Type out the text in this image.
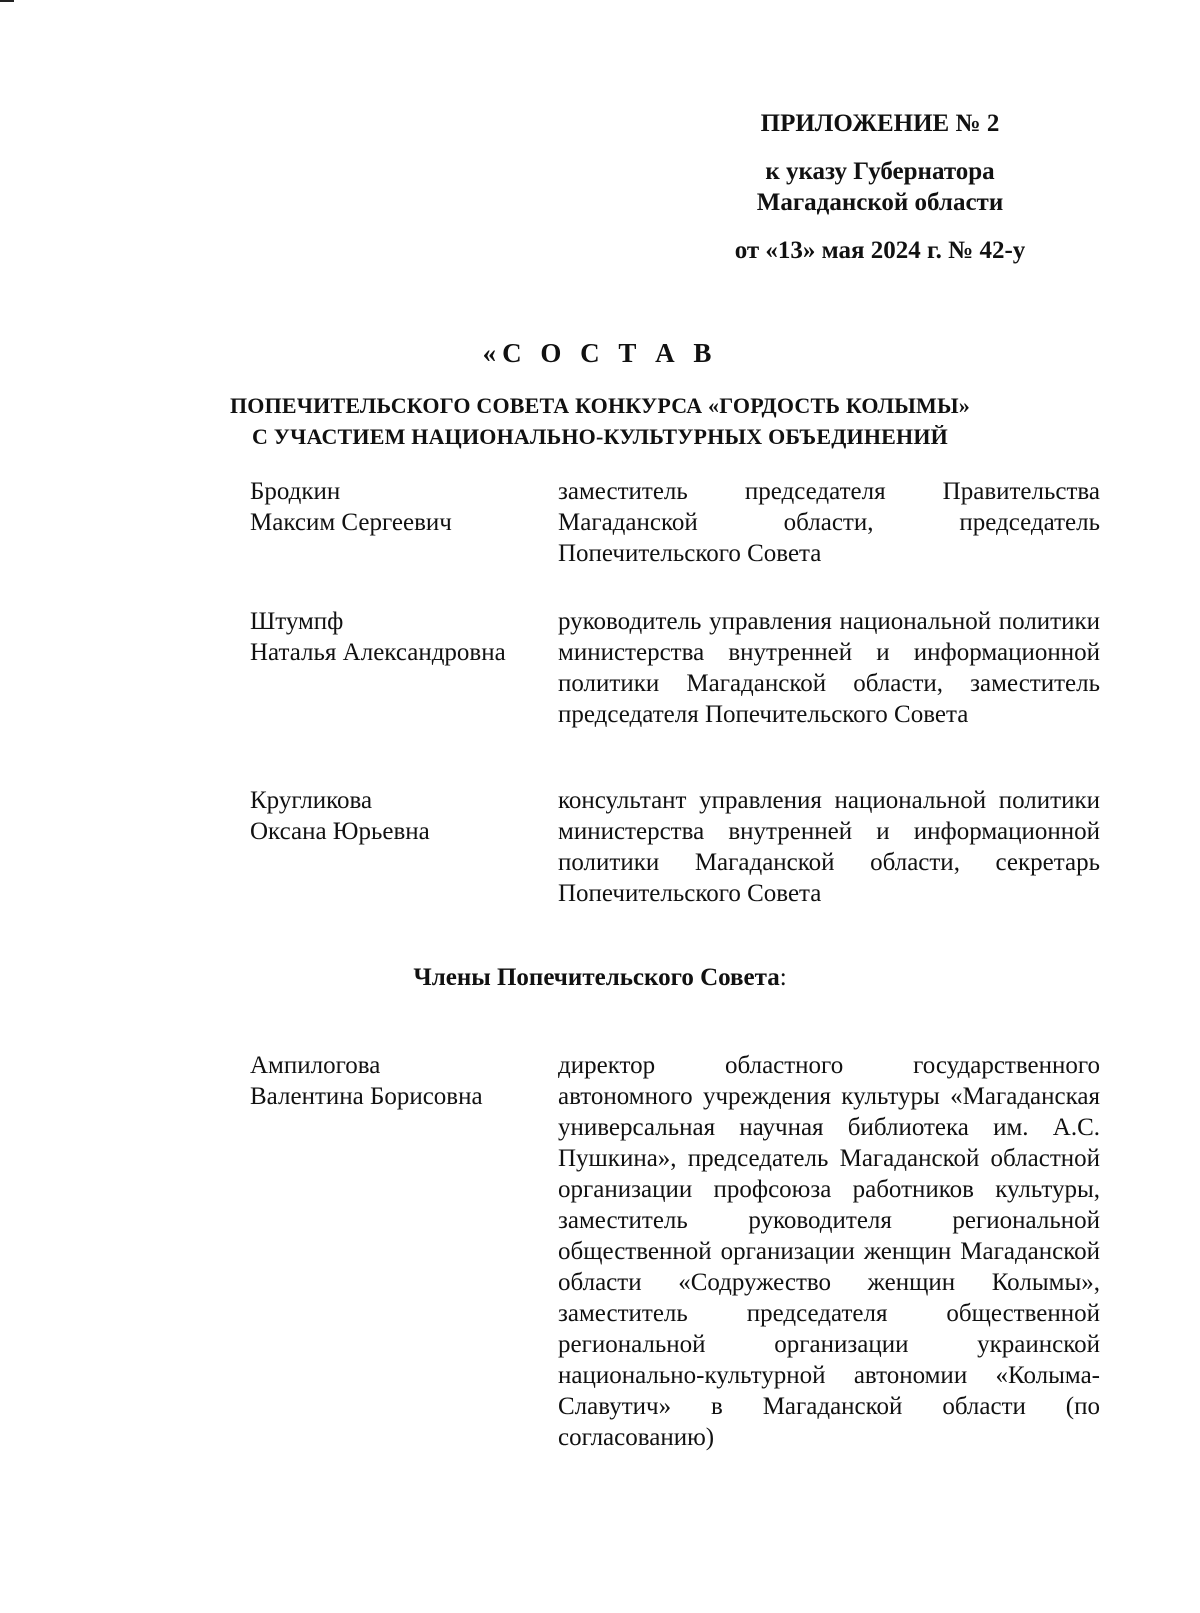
ПРИЛОЖЕНИЕ № 2
к указу Губернатора
Магаданской области
от «13» мая 2024 г. № 42-у
«С О С Т А В
ПОПЕЧИТЕЛЬСКОГО СОВЕТА КОНКУРСА «ГОРДОСТЬ КОЛЫМЫ»
С УЧАСТИЕМ НАЦИОНАЛЬНО-КУЛЬТУРНЫХ ОБЪЕДИНЕНИЙ
Бродкин
Максим Сергеевич
заместитель председателя Правительства Магаданской области, председатель Попечительского Совета
Штумпф
Наталья Александровна
руководитель управления национальной политики министерства внутренней и информационной политики Магаданской области, заместитель председателя Попечительского Совета
Кругликова
Оксана Юрьевна
консультант управления национальной политики министерства внутренней и информационной политики Магаданской области, секретарь Попечительского Совета
Члены Попечительского Совета:
Ампилогова
Валентина Борисовна
директор областного государственного автономного учреждения культуры «Магаданская универсальная научная библиотека им. А.С. Пушкина», председатель Магаданской областной организации профсоюза работников культуры, заместитель руководителя региональной общественной организации женщин Магаданской области «Содружество женщин Колымы», заместитель председателя общественной региональной организации украинской национально-культурной автономии «Колыма-Славутич» в Магаданской области (по согласованию)
